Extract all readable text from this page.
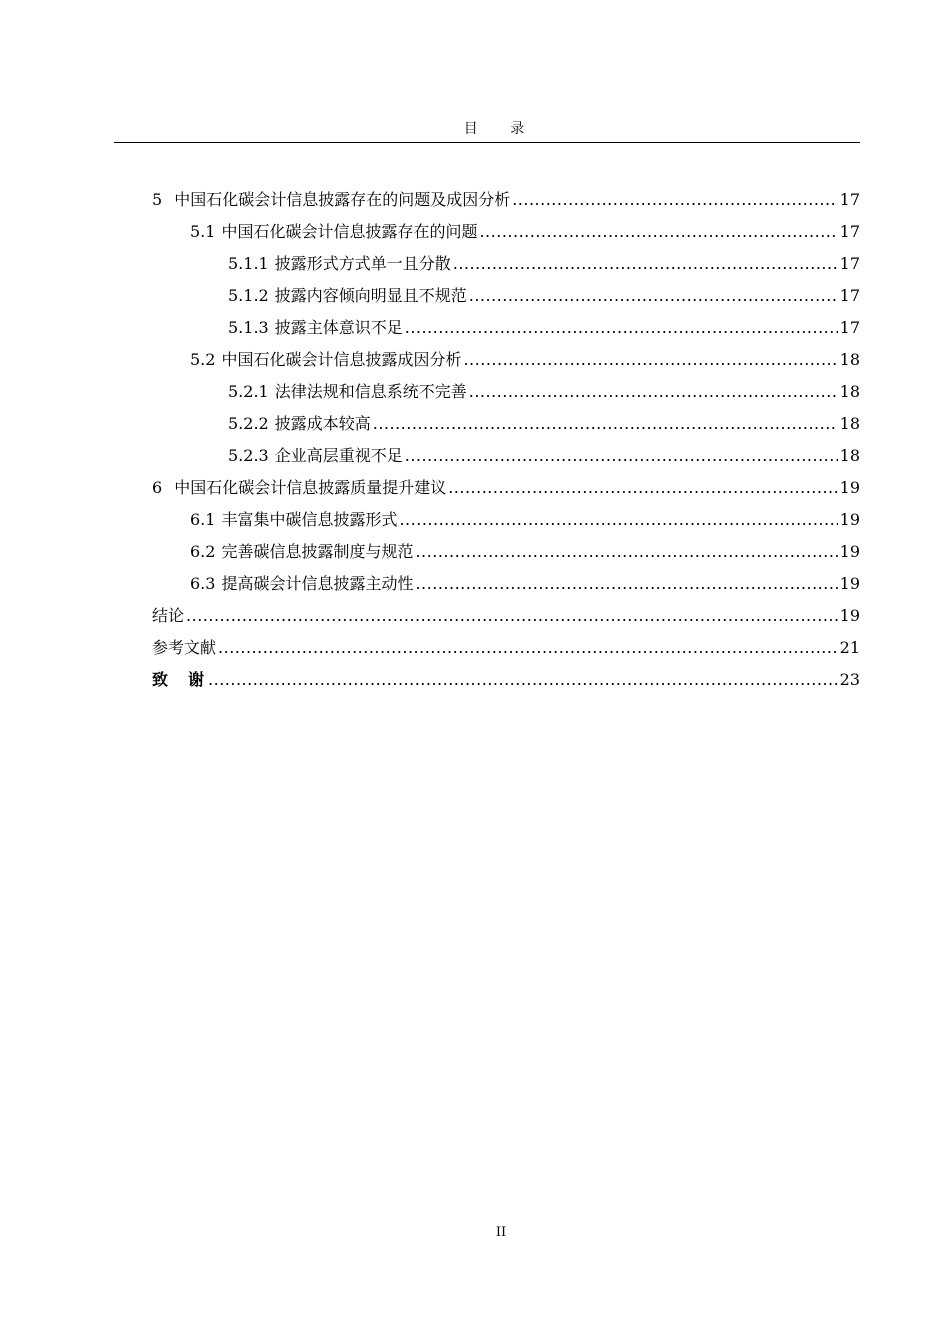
目 录
5 中国石化碳会计信息披露存在的问题及成因分析 .....	17
5.1 中国石化碳会计信息披露存在的问题 .....	17
5.1.1 披露形式方式单一且分散 .....	17
5.1.2 披露内容倾向明显且不规范 .....	17
5.1.3 披露主体意识不足 .....	17
5.2 中国石化碳会计信息披露成因分析 .....	18
5.2.1 法律法规和信息系统不完善 .....	18
5.2.2 披露成本较高 .....	18
5.2.3 企业高层重视不足 .....	18
6 中国石化碳会计信息披露质量提升建议 .....	19
6.1 丰富集中碳信息披露形式 .....	19
6.2 完善碳信息披露制度与规范 .....	19
6.3 提高碳会计信息披露主动性 .....	19
结论 .....	19
参考文献 .....	21
致谢 .....	23
II
